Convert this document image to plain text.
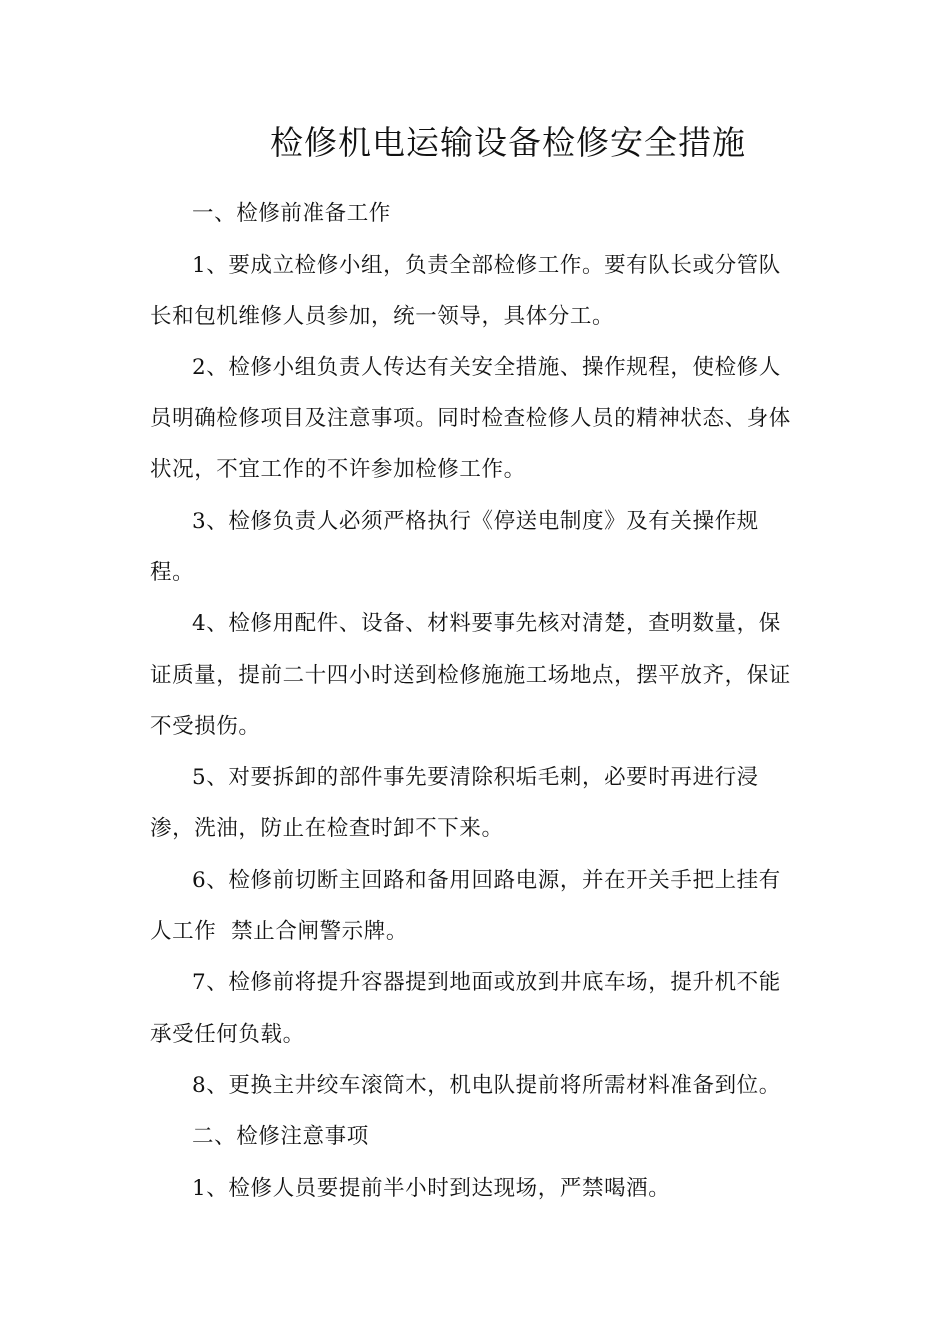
检修机电运输设备检修安全措施
一、检修前准备工作
1、要成立检修小组，负责全部检修工作。要有队长或分管队
长和包机维修人员参加，统一领导，具体分工。
2、检修小组负责人传达有关安全措施、操作规程，使检修人
员明确检修项目及注意事项。同时检查检修人员的精神状态、身体
状况，不宜工作的不许参加检修工作。
3、检修负责人必须严格执行《停送电制度》及有关操作规
程。
4、检修用配件、设备、材料要事先核对清楚，查明数量，保
证质量，提前二十四小时送到检修施施工场地点，摆平放齐，保证
不受损伤。
5、对要拆卸的部件事先要清除积垢毛刺，必要时再进行浸
渗，洗油，防止在检查时卸不下来。
6、检修前切断主回路和备用回路电源，并在开关手把上挂有
人工作  禁止合闸警示牌。
7、检修前将提升容器提到地面或放到井底车场，提升机不能
承受任何负载。
8、更换主井绞车滚筒木，机电队提前将所需材料准备到位。
二、检修注意事项
1、检修人员要提前半小时到达现场，严禁喝酒。
